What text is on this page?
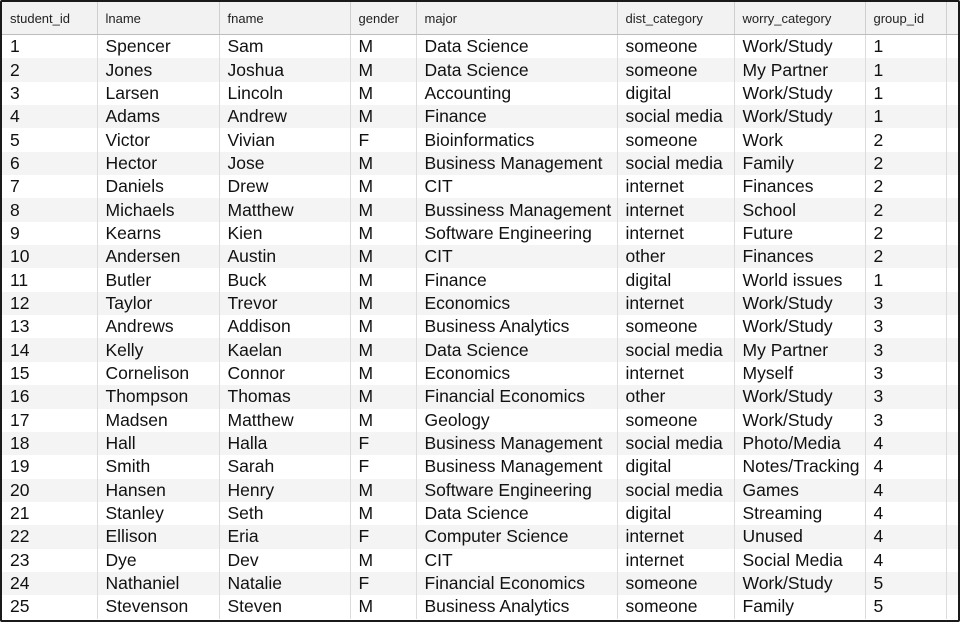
student_id	lname	fname	gender	major	dist_category	worry_category	group_id	
1	Spencer	Sam	M	Data Science	someone	Work/Study	1	
2	Jones	Joshua	M	Data Science	someone	My Partner	1	
3	Larsen	Lincoln	M	Accounting	digital	Work/Study	1	
4	Adams	Andrew	M	Finance	social media	Work/Study	1	
5	Victor	Vivian	F	Bioinformatics	someone	Work	2	
6	Hector	Jose	M	Business Management	social media	Family	2	
7	Daniels	Drew	M	CIT	internet	Finances	2	
8	Michaels	Matthew	M	Bussiness Management	internet	School	2	
9	Kearns	Kien	M	Software Engineering	internet	Future	2	
10	Andersen	Austin	M	CIT	other	Finances	2	
11	Butler	Buck	M	Finance	digital	World issues	1	
12	Taylor	Trevor	M	Economics	internet	Work/Study	3	
13	Andrews	Addison	M	Business Analytics	someone	Work/Study	3	
14	Kelly	Kaelan	M	Data Science	social media	My Partner	3	
15	Cornelison	Connor	M	Economics	internet	Myself	3	
16	Thompson	Thomas	M	Financial Economics	other	Work/Study	3	
17	Madsen	Matthew	M	Geology	someone	Work/Study	3	
18	Hall	Halla	F	Business Management	social media	Photo/Media	4	
19	Smith	Sarah	F	Business Management	digital	Notes/Tracking	4	
20	Hansen	Henry	M	Software Engineering	social media	Games	4	
21	Stanley	Seth	M	Data Science	digital	Streaming	4	
22	Ellison	Eria	F	Computer Science	internet	Unused	4	
23	Dye	Dev	M	CIT	internet	Social Media	4	
24	Nathaniel	Natalie	F	Financial Economics	someone	Work/Study	5	
25	Stevenson	Steven	M	Business Analytics	someone	Family	5	
